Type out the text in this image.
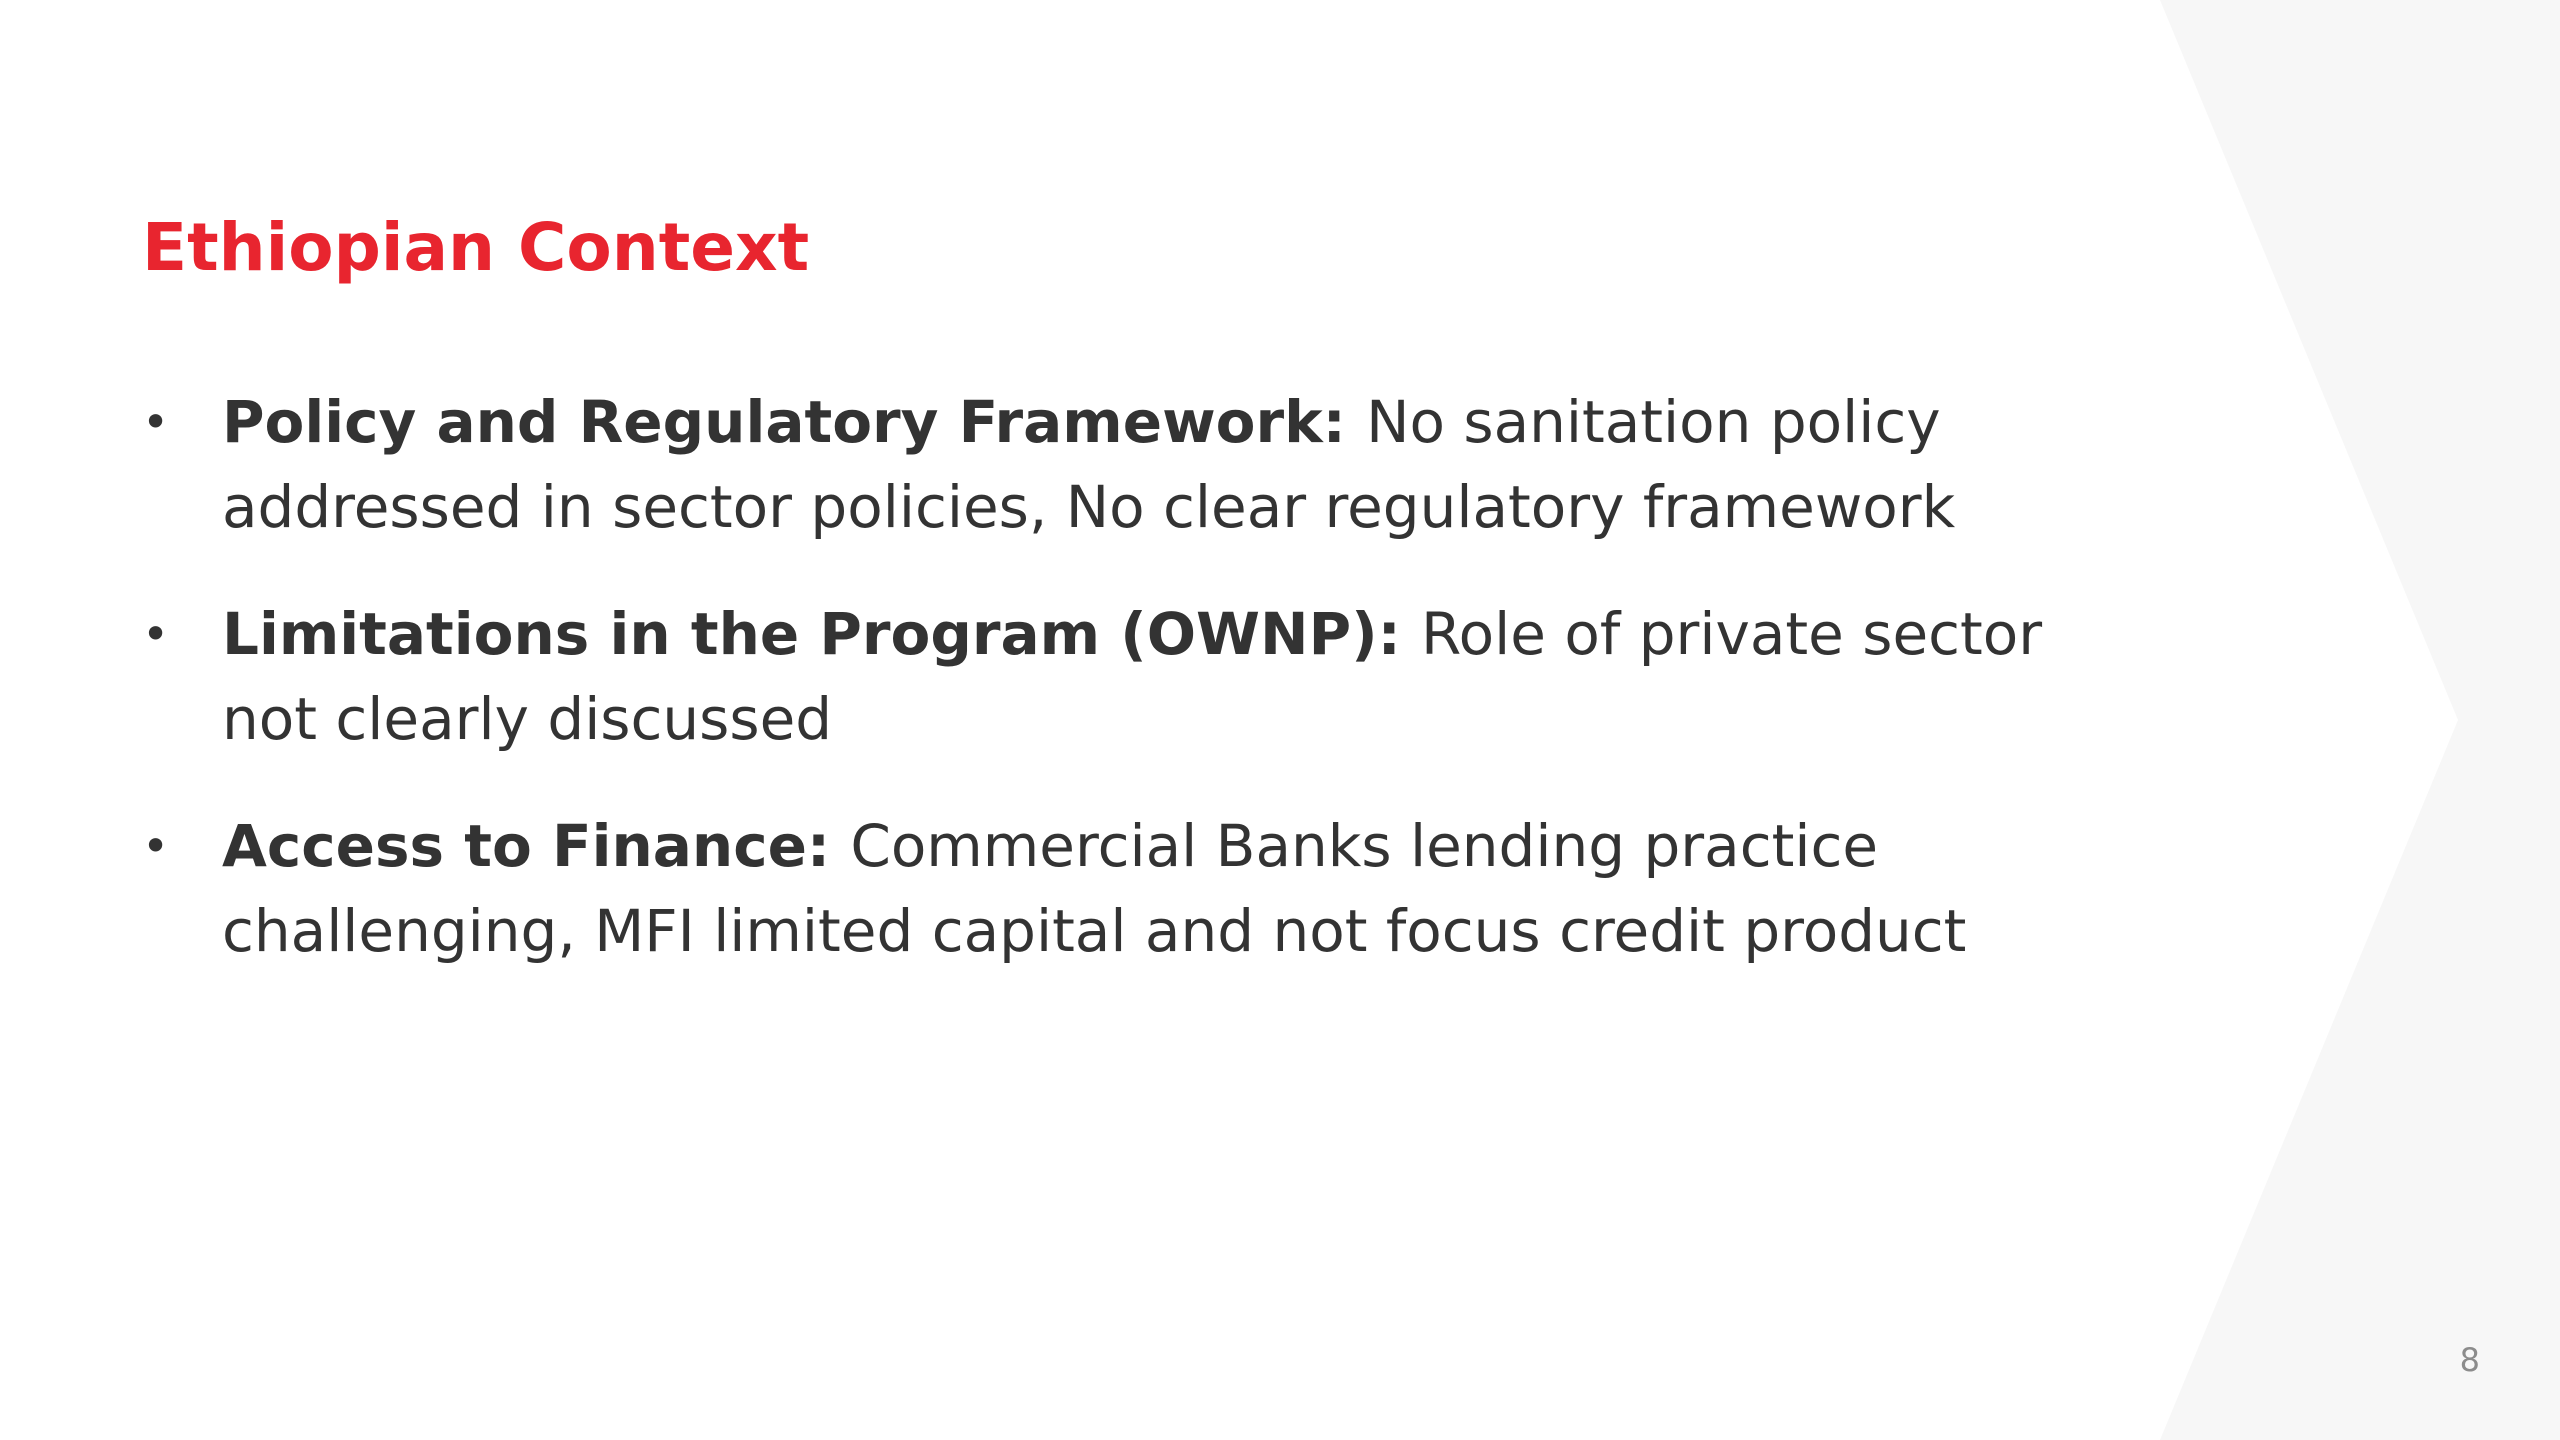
Ethiopian Context
• Policy and Regulatory Framework: No sanitation policy addressed in sector policies, No clear regulatory framework
• Limitations in the Program (OWNP): Role of private sector not clearly discussed
• Access to Finance: Commercial Banks lending practice challenging, MFI limited capital and not focus credit product
8
